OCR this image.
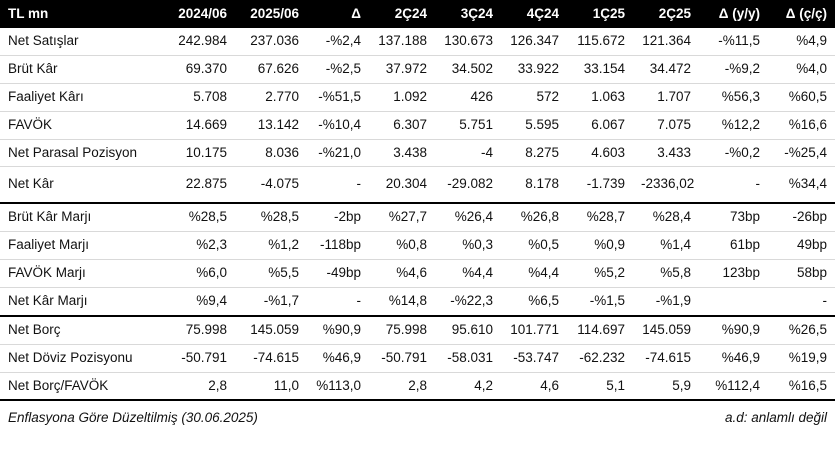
TL mn	2024/06	2025/06	Δ	2Ç24	3Ç24	4Ç24	1Ç25	2Ç25	Δ (y/y)	Δ (ç/ç)
Net Satışlar	242.984	237.036	-%2,4	137.188	130.673	126.347	115.672	121.364	-%11,5	%4,9
Brüt Kâr	69.370	67.626	-%2,5	37.972	34.502	33.922	33.154	34.472	-%9,2	%4,0
Faaliyet Kârı	5.708	2.770	-%51,5	1.092	426	572	1.063	1.707	%56,3	%60,5
FAVÖK	14.669	13.142	-%10,4	6.307	5.751	5.595	6.067	7.075	%12,2	%16,6
Net Parasal Pozisyon	10.175	8.036	-%21,0	3.438	-4	8.275	4.603	3.433	-%0,2	-%25,4
Net Kâr	22.875	-4.075	-	20.304	-29.082	8.178	-1.739	-2336,02	-	%34,4
Brüt Kâr Marjı	%28,5	%28,5	-2bp	%27,7	%26,4	%26,8	%28,7	%28,4	73bp	-26bp
Faaliyet Marjı	%2,3	%1,2	-118bp	%0,8	%0,3	%0,5	%0,9	%1,4	61bp	49bp
FAVÖK Marjı	%6,0	%5,5	-49bp	%4,6	%4,4	%4,4	%5,2	%5,8	123bp	58bp
Net Kâr Marjı	%9,4	-%1,7	-	%14,8	-%22,3	%6,5	-%1,5	-%1,9		-
Net Borç	75.998	145.059	%90,9	75.998	95.610	101.771	114.697	145.059	%90,9	%26,5
Net Döviz Pozisyonu	-50.791	-74.615	%46,9	-50.791	-58.031	-53.747	-62.232	-74.615	%46,9	%19,9
Net Borç/FAVÖK	2,8	11,0	%113,0	2,8	4,2	4,6	5,1	5,9	%112,4	%16,5
Enflasyona Göre Düzeltilmiş (30.06.2025)	a.d: anlamlı değil
